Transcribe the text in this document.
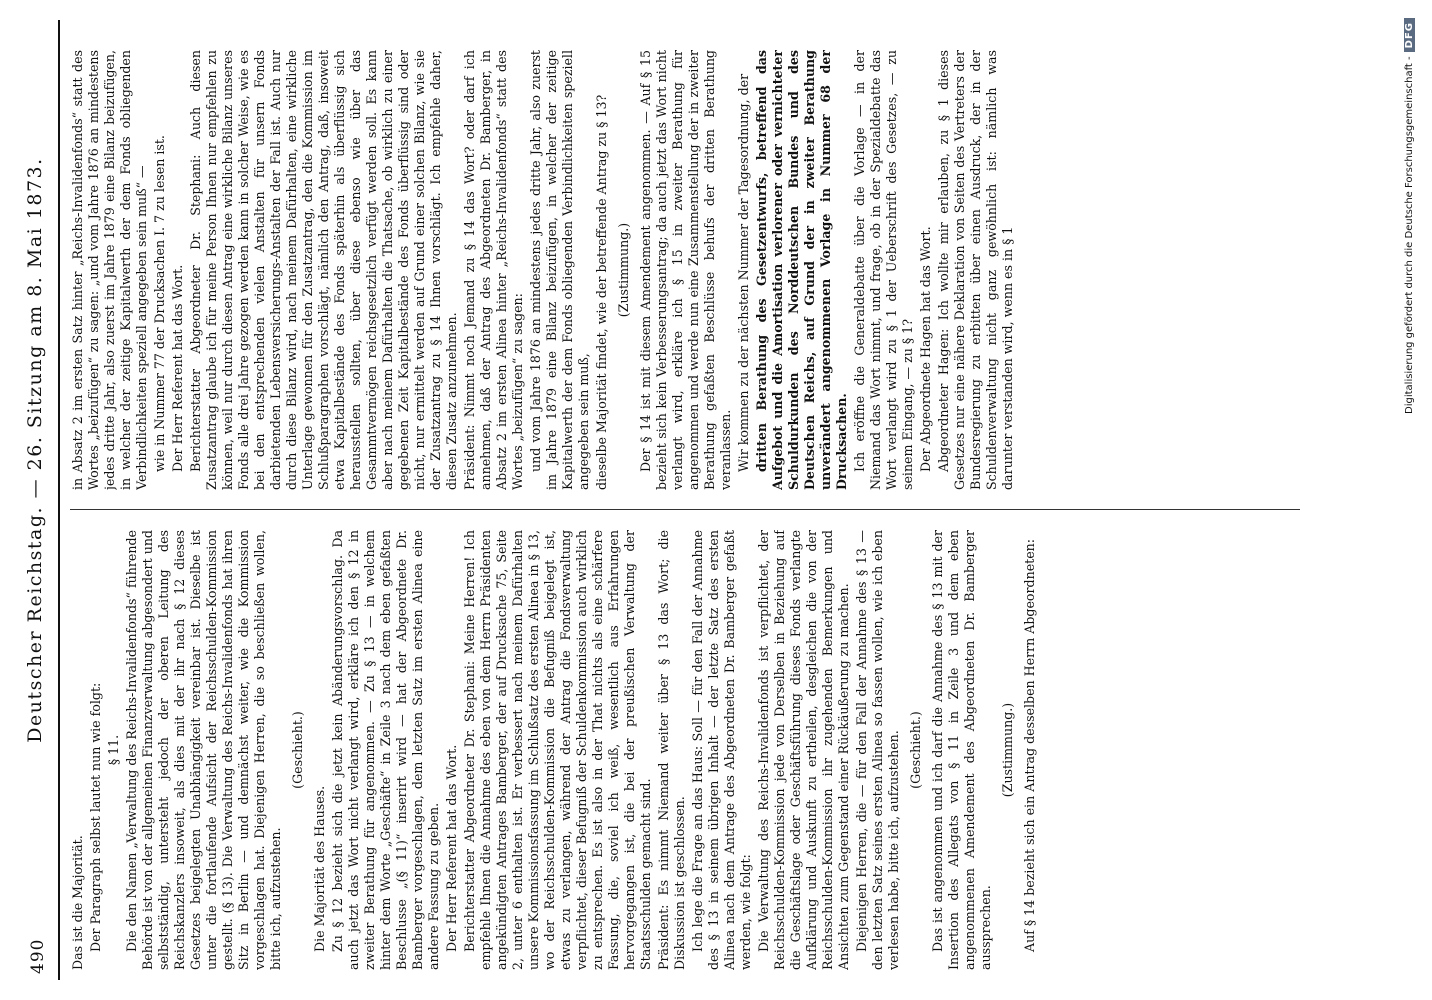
490
Deutscher Reichstag. — 26. Sitzung am 8. Mai 1873.

Das ist die Majorität. Der Paragraph selbst lautet nun wie folgt: § 11. Die den Namen „Verwaltung des Reichs-Invalidenfonds“ führende Behörde ist von der allgemeinen Finanzverwaltung abgesondert und selbstständig, untersteht jedoch der oberen Leitung des Reichskanzlers insoweit, als dies mit der ihr nach § 12 dieses Gesetzes beigelegten Unabhängigkeit vereinbar ist. Dieselbe ist unter die fortlaufende Aufsicht der Reichsschulden-Kommission gestellt. (§ 13). Die Verwaltung des Reichs-Invalidenfonds hat ihren Sitz in Berlin — und demnächst weiter, wie die Kommission vorgeschlagen hat. Diejenigen Herren, die so beschließen wollen, bitte ich, aufzustehen.

(Geschieht.)

Die Majorität des Hauses. Zu § 12 bezieht sich die jetzt kein Abänderungsvorschlag. Da auch jetzt das Wort nicht verlangt wird, erkläre ich den § 12 in zweiter Berathung für angenommen. — Zu § 13 — in welchem hinter dem Worte „Geschäfte“ in Zeile 3 nach dem eben gefaßten Beschlusse „(§ 11)“ inserirt wird — hat der Abgeordnete Dr. Bamberger vorgeschlagen, dem letzten Satz im ersten Alinea eine andere Fassung zu geben. Der Herr Referent hat das Wort. Berichterstatter Abgeordneter Dr. Stephani: Meine Herren! Ich empfehle Ihnen die Annahme des eben von dem Herrn Präsidenten angekündigten Antrages Bamberger, der auf Drucksache 75, Seite 2, unter 6 enthalten ist. Er verbessert nach meinem Dafürhalten unsere Kommissionsfassung im Schlußsatz des ersten Alinea in § 13, wo der Reichsschulden-Kommission die Befugniß beigelegt ist, etwas zu verlangen, während der Antrag die Fondsverwaltung verpflichtet, dieser Befugniß der Schuldenkommission auch wirklich zu entsprechen. Es ist also in der That nichts als eine schärfere Fassung, die, soviel ich weiß, wesentlich aus Erfahrungen hervorgegangen ist, die bei der preußischen Verwaltung der Staatsschulden gemacht sind. Präsident: Es nimmt Niemand weiter über § 13 das Wort; die Diskussion ist geschlossen. Ich lege die Frage an das Haus: Soll — für den Fall der Annahme des § 13 in seinem übrigen Inhalt — der letzte Satz des ersten Alinea nach dem Antrage des Abgeordneten Dr. Bamberger gefaßt werden, wie folgt: Die Verwaltung des Reichs-Invalidenfonds ist verpflichtet, der Reichsschulden-Kommission jede von Derselben in Beziehung auf die Geschäftslage oder Geschäftsführung dieses Fonds verlangte Aufklärung und Auskunft zu ertheilen, desgleichen die von der Reichsschulden-Kommission ihr zugehenden Bemerkungen und Ansichten zum Gegenstand einer Rückäußerung zu machen. Diejenigen Herren, die — für den Fall der Annahme des § 13 — den letzten Satz seines ersten Alinea so fassen wollen, wie ich eben verlesen habe, bitte ich, aufzustehen. (Geschieht.) Das ist angenommen und ich darf die Annahme des § 13 mit der Insertion des Allegats von § 11 in Zeile 3 und dem eben angenommenen Amendement des Abgeordneten Dr. Bamberger aussprechen.

(Zustimmung.) Auf § 14 bezieht sich ein Antrag desselben Herrn Abgeordneten:

in Absatz 2 im ersten Satz hinter „Reichs-Invalidenfonds“ statt des Wortes „beizufügen“ zu sagen: „und vom Jahre 1876 an mindestens jedes dritte Jahr, also zuerst im Jahre 1879 eine Bilanz beizufügen, in welcher der zeitige Kapitalwerth der dem Fonds obliegenden Verbindlichkeiten speziell angegeben sein muß“ — wie in Nummer 77 der Drucksachen I. 7 zu lesen ist. Der Herr Referent hat das Wort. Berichterstatter Abgeordneter Dr. Stephani: Auch diesen Zusatzantrag glaube ich für meine Person Ihnen nur empfehlen zu können, weil nur durch diesen Antrag eine wirkliche Bilanz unseres Fonds alle drei Jahre gezogen werden kann in solcher Weise, wie es bei den entsprechenden vielen Anstalten für unsern Fonds darbietenden Lebensversicherungs-Anstalten der Fall ist. Auch nur durch diese Bilanz wird, nach meinem Dafürhalten, eine wirkliche Unterlage gewonnen für den Zusatzantrag, den die Kommission im Schlußparagraphen vorschlägt, nämlich den Antrag, daß, insoweit etwa Kapitalbestände des Fonds späterhin als überflüssig sich herausstellen sollten, über diese ebenso wie über das Gesammtvermögen reichsgesetzlich verfügt werden soll. Es kann aber nach meinem Dafürhalten die Thatsache, ob wirklich zu einer gegebenen Zeit Kapitalbestände des Fonds überflüssig sind oder nicht, nur ermittelt werden auf Grund einer solchen Bilanz, wie sie der Zusatzantrag zu § 14 Ihnen vorschlägt. Ich empfehle daher, diesen Zusatz anzunehmen. Präsident: Nimmt noch Jemand zu § 14 das Wort? oder darf ich annehmen, daß der Antrag des Abgeordneten Dr. Bamberger, in Absatz 2 im ersten Alinea hinter „Reichs-Invalidenfonds“ statt des Wortes „beizufügen“ zu sagen: und vom Jahre 1876 an mindestens jedes dritte Jahr, also zuerst im Jahre 1879 eine Bilanz beizufügen, in welcher der zeitige Kapitalwerth der dem Fonds obliegenden Verbindlichkeiten speziell angegeben sein muß, dieselbe Majorität findet, wie der betreffende Antrag zu § 13? (Zustimmung.) Der § 14 ist mit diesem Amendement angenommen. — Auf § 15 bezieht sich kein Verbesserungsantrag; da auch jetzt das Wort nicht verlangt wird, erkläre ich § 15 in zweiter Berathung für angenommen und werde nun eine Zusammenstellung der in zweiter Berathung gefaßten Beschlüsse behufs der dritten Berathung veranlassen. Wir kommen zu der nächsten Nummer der Tagesordnung, der dritten Berathung des Gesetzentwurfs, betreffend das Aufgebot und die Amortisation verlorener oder vernichteter Schuldurkunden des Norddeutschen Bundes und des Deutschen Reichs, auf Grund der in zweiter Berathung unverändert angenommenen Vorlage in Nummer 68 der Drucksachen. Ich eröffne die Generaldebatte über die Vorlage — in der Niemand das Wort nimmt, und frage, ob in der Spezialdebatte das Wort verlangt wird zu § 1 der Ueberschrift des Gesetzes, — zu seinem Eingang, — zu § 1? Der Abgeordnete Hagen hat das Wort. Abgeordneter Hagen: Ich wollte mir erlauben, zu § 1 dieses Gesetzes nur eine nähere Deklaration von Seiten des Vertreters der Bundesregierung zu erbitten über einen Ausdruck, der in der Schuldenverwaltung nicht ganz gewöhnlich ist: nämlich was darunter verstanden wird, wenn es in § 1	Digitalisierung gefördert durch die Deutsche Forschungsgemeinschaft -DFG
